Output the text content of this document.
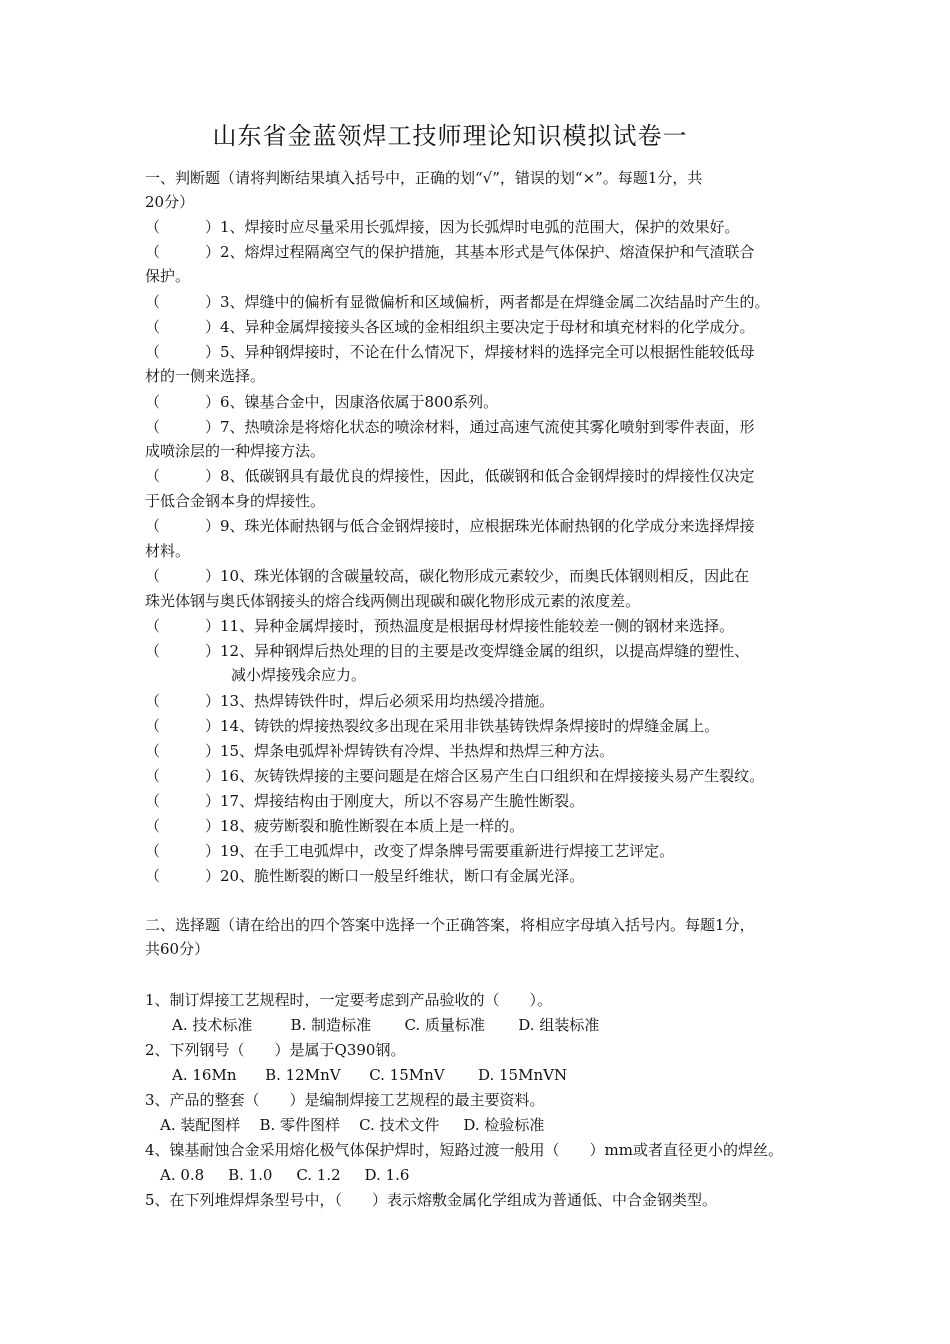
山东省金蓝领焊工技师理论知识模拟试卷一
一、判断题（请将判断结果填入括号中，正确的划“√”，错误的划“×”。每题1分，共
20分）
（　　　）1、焊接时应尽量采用长弧焊接，因为长弧焊时电弧的范围大，保护的效果好。
（　　　）2、熔焊过程隔离空气的保护措施，其基本形式是气体保护、熔渣保护和气渣联合
保护。
（　　　）3、焊缝中的偏析有显微偏析和区域偏析，两者都是在焊缝金属二次结晶时产生的。
（　　　）4、异种金属焊接接头各区域的金相组织主要决定于母材和填充材料的化学成分。
（　　　）5、异种钢焊接时，不论在什么情况下，焊接材料的选择完全可以根据性能较低母
材的一侧来选择。
（　　　）6、镍基合金中，因康洛依属于800系列。
（　　　）7、热喷涂是将熔化状态的喷涂材料，通过高速气流使其雾化喷射到零件表面，形
成喷涂层的一种焊接方法。
（　　　）8、低碳钢具有最优良的焊接性，因此，低碳钢和低合金钢焊接时的焊接性仅决定
于低合金钢本身的焊接性。
（　　　）9、珠光体耐热钢与低合金钢焊接时，应根据珠光体耐热钢的化学成分来选择焊接
材料。
（　　　）10、珠光体钢的含碳量较高，碳化物形成元素较少，而奥氏体钢则相反，因此在
珠光体钢与奥氏体钢接头的熔合线两侧出现碳和碳化物形成元素的浓度差。
（　　　）11、异种金属焊接时，预热温度是根据母材焊接性能较差一侧的钢材来选择。
（　　　）12、异种钢焊后热处理的目的主要是改变焊缝金属的组织，以提高焊缝的塑性、
减小焊接残余应力。
（　　　）13、热焊铸铁件时，焊后必须采用均热缓冷措施。
（　　　）14、铸铁的焊接热裂纹多出现在采用非铁基铸铁焊条焊接时的焊缝金属上。
（　　　）15、焊条电弧焊补焊铸铁有冷焊、半热焊和热焊三种方法。
（　　　）16、灰铸铁焊接的主要问题是在熔合区易产生白口组织和在焊接接头易产生裂纹。
（　　　）17、焊接结构由于刚度大，所以不容易产生脆性断裂。
（　　　）18、疲劳断裂和脆性断裂在本质上是一样的。
（　　　）19、在手工电弧焊中，改变了焊条牌号需要重新进行焊接工艺评定。
（　　　）20、脆性断裂的断口一般呈纤维状，断口有金属光泽。
二、选择题（请在给出的四个答案中选择一个正确答案，将相应字母填入括号内。每题1分，
共60分）
1、制订焊接工艺规程时，一定要考虑到产品验收的（　　）。
A. 技术标准        B. 制造标准       C. 质量标准       D. 组装标准
2、下列钢号（　　）是属于Q390钢。
A. 16Mn      B. 12MnV      C. 15MnV       D. 15MnVN
3、产品的整套（　　）是编制焊接工艺规程的最主要资料。
A. 装配图样    B. 零件图样    C. 技术文件     D. 检验标准
4、镍基耐蚀合金采用熔化极气体保护焊时，短路过渡一般用（　　）mm或者直径更小的焊丝。
A. 0.8     B. 1.0     C. 1.2     D. 1.6
5、在下列堆焊焊条型号中，（　　）表示熔敷金属化学组成为普通低、中合金钢类型。
